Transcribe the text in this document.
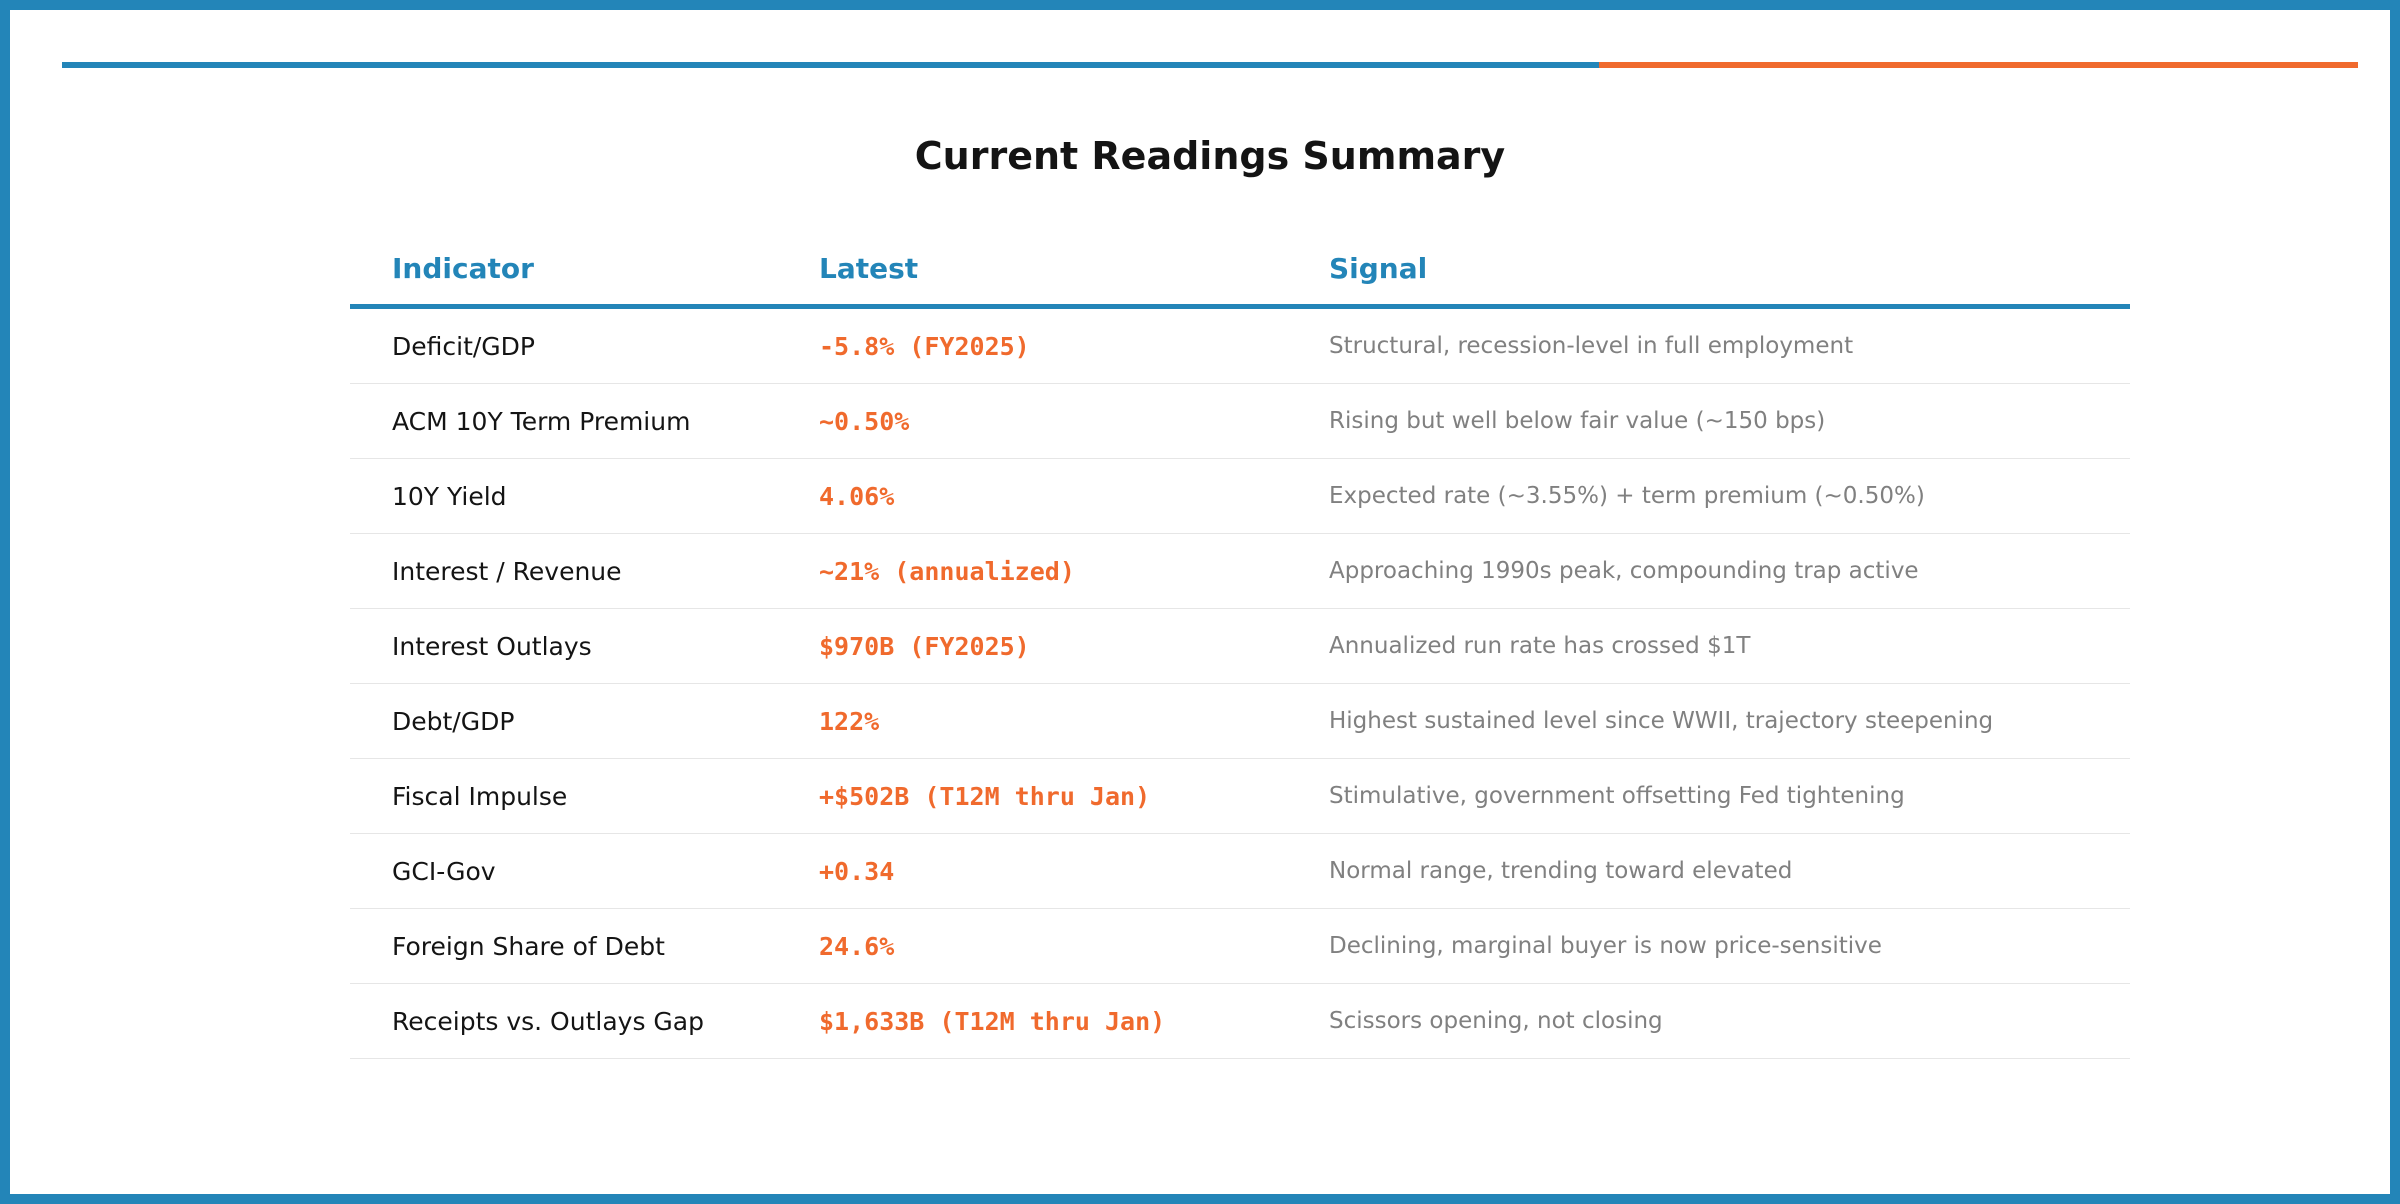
Current Readings Summary
Indicator	Latest	Signal
Deficit/GDP	-5.8% (FY2025)	Structural, recession-level in full employment
ACM 10Y Term Premium	~0.50%	Rising but well below fair value (~150 bps)
10Y Yield	4.06%	Expected rate (~3.55%) + term premium (~0.50%)
Interest / Revenue	~21% (annualized)	Approaching 1990s peak, compounding trap active
Interest Outlays	$970B (FY2025)	Annualized run rate has crossed $1T
Debt/GDP	122%	Highest sustained level since WWII, trajectory steepening
Fiscal Impulse	+$502B (T12M thru Jan)	Stimulative, government offsetting Fed tightening
GCI-Gov	+0.34	Normal range, trending toward elevated
Foreign Share of Debt	24.6%	Declining, marginal buyer is now price-sensitive
Receipts vs. Outlays Gap	$1,633B (T12M thru Jan)	Scissors opening, not closing
